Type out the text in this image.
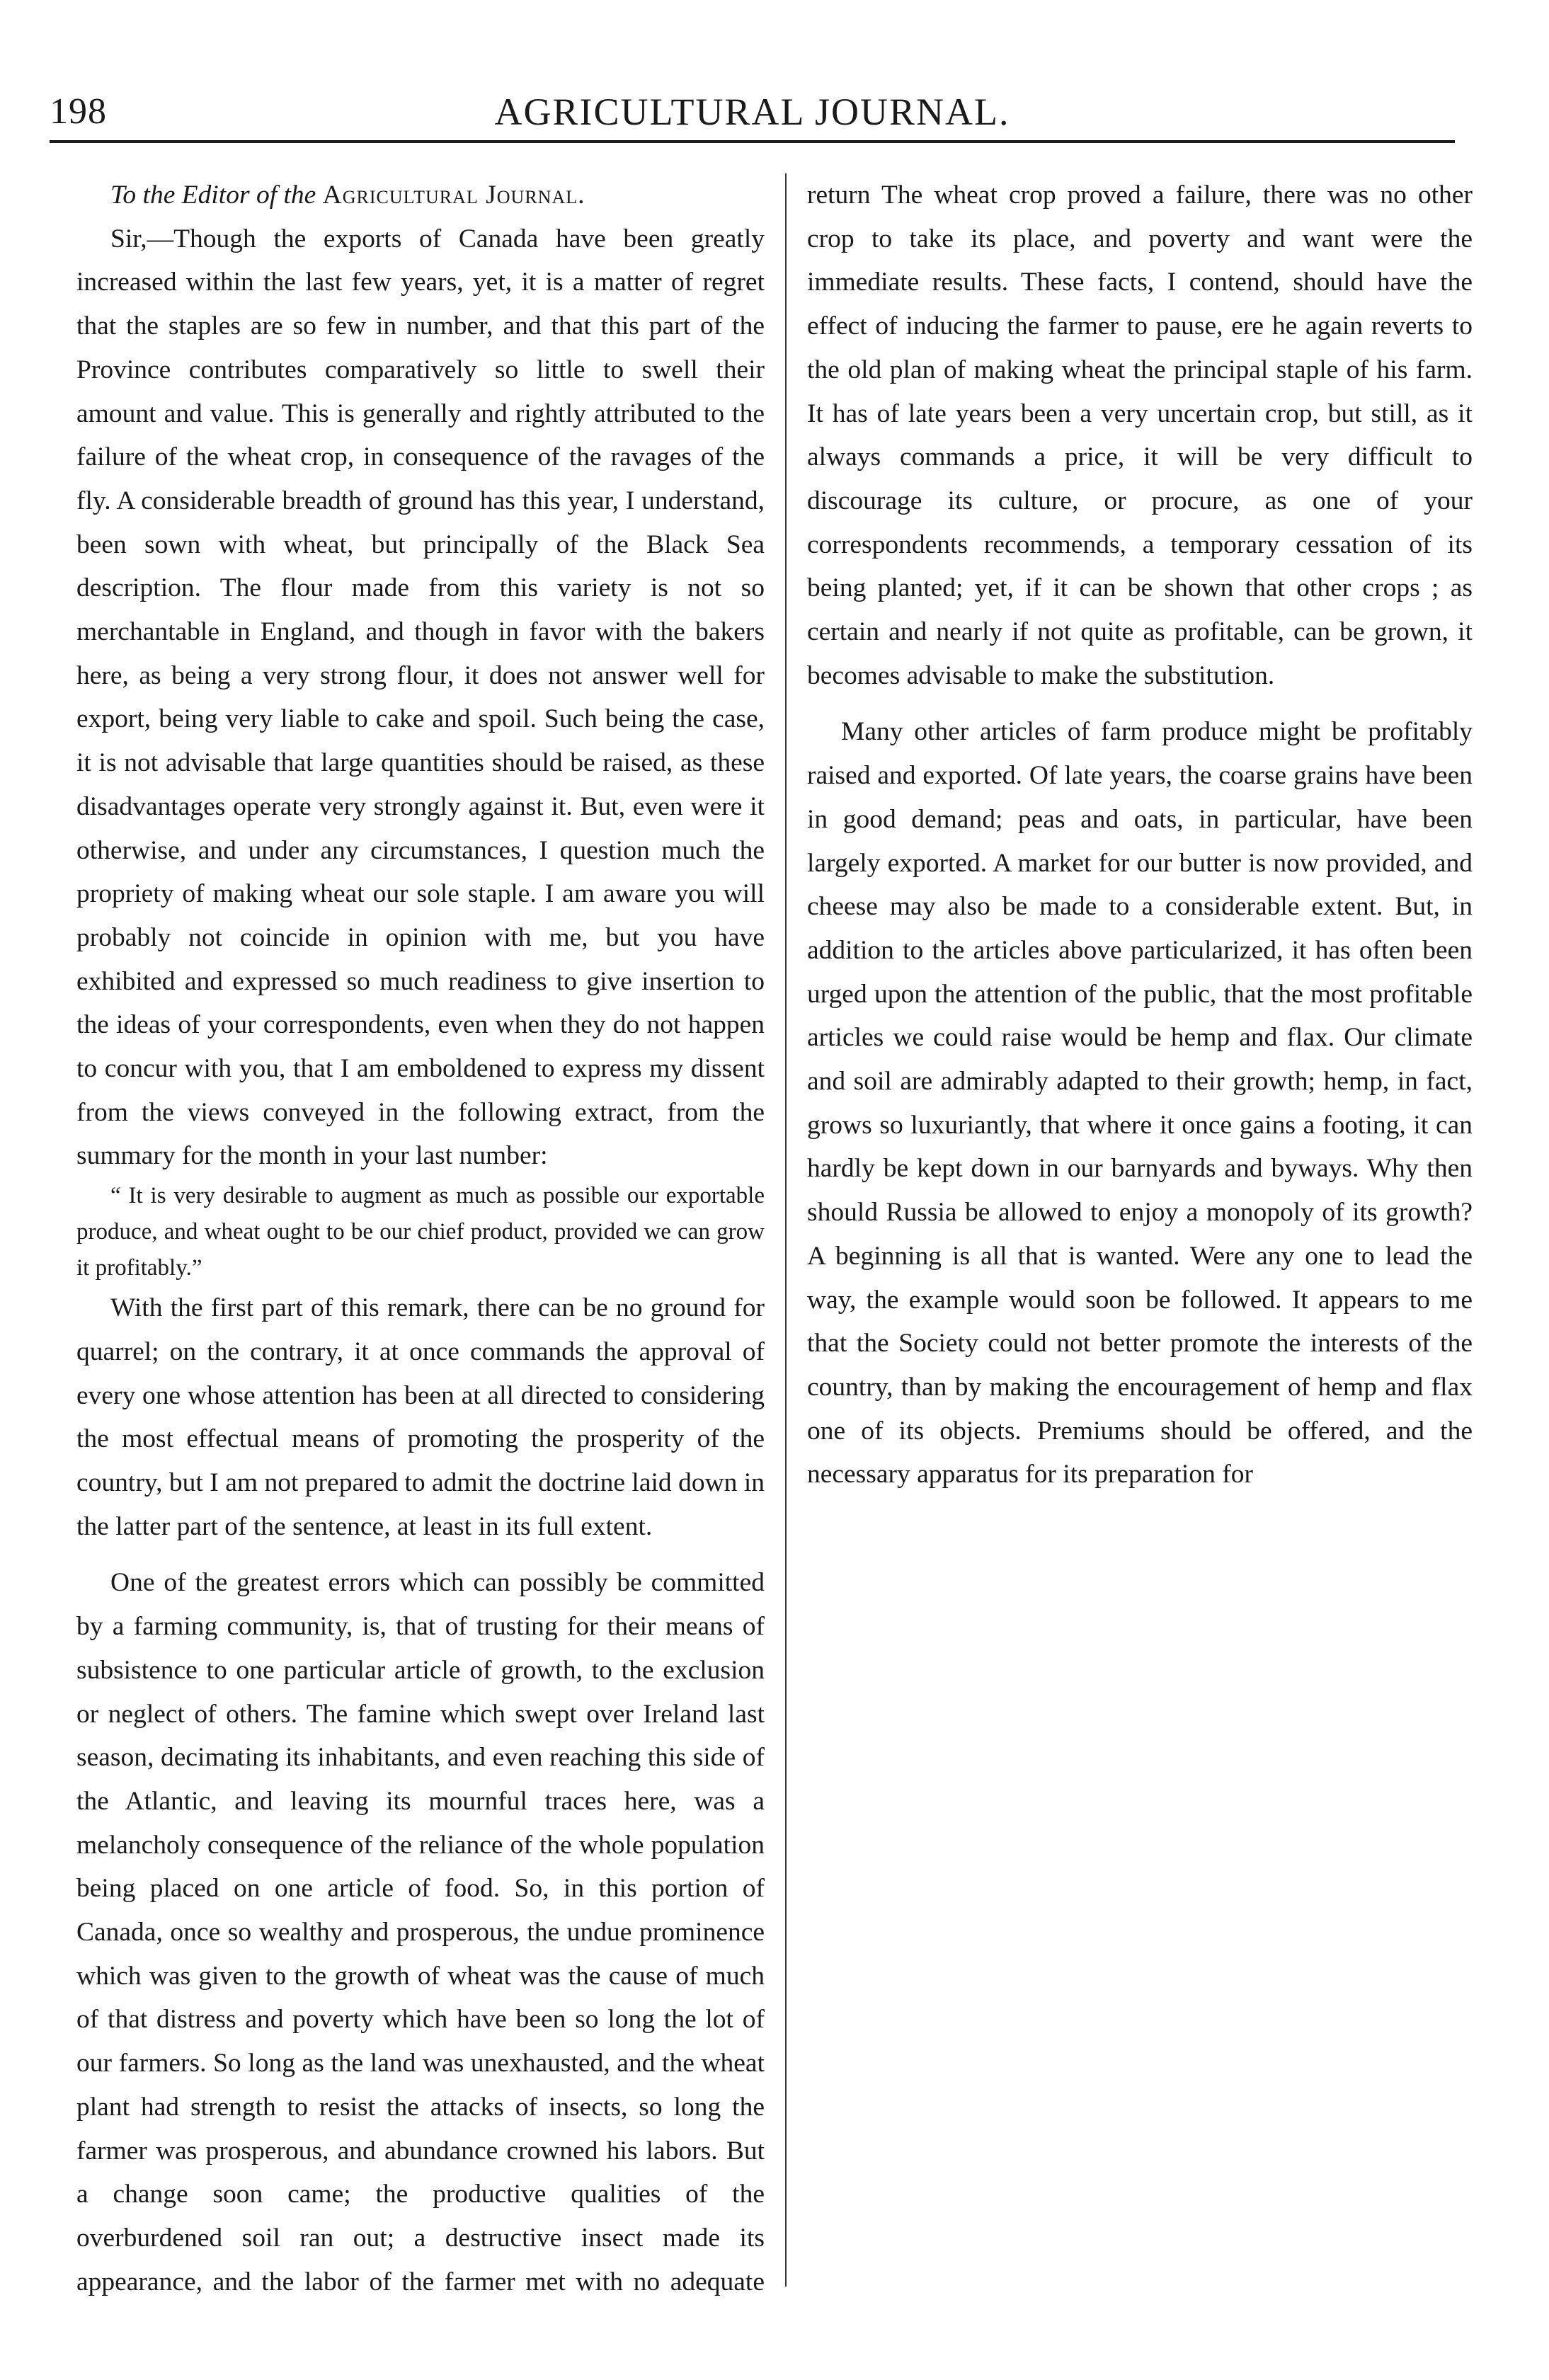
198	AGRICULTURAL JOURNAL.

To the Editor of the Agricultural Journal.

Sir,—Though the exports of Canada have been greatly increased within the last few years, yet, it is a matter of regret that the staples are so few in number, and that this part of the Province contributes comparatively so little to swell their amount and value. This is generally and rightly attributed to the failure of the wheat crop, in consequence of the ravages of the fly. A considerable breadth of ground has this year, I understand, been sown with wheat, but principally of the Black Sea description. The flour made from this variety is not so merchantable in England, and though in favor with the bakers here, as being a very strong flour, it does not answer well for export, being very liable to cake and spoil. Such being the case, it is not advisable that large quantities should be raised, as these disadvantages operate very strongly against it. But, even were it otherwise, and under any circumstances, I question much the propriety of making wheat our sole staple. I am aware you will probably not coincide in opinion with me, but you have exhibited and expressed so much readiness to give insertion to the ideas of your correspondents, even when they do not happen to concur with you, that I am emboldened to express my dissent from the views conveyed in the following extract, from the summary for the month in your last number:

“ It is very desirable to augment as much as possible our exportable produce, and wheat ought to be our chief product, provided we can grow it profitably.”

With the first part of this remark, there can be no ground for quarrel; on the contrary, it at once commands the approval of every one whose attention has been at all directed to considering the most effectual means of promoting the prosperity of the country, but I am not prepared to admit the doctrine laid down in the latter part of the sentence, at least in its full extent.

One of the greatest errors which can possibly be committed by a farming community, is, that of trusting for their means of subsistence to one particular article of growth, to the exclusion or neglect of others. The famine which swept over Ireland last season, decimating its inhabitants, and even reaching this side of the Atlantic, and leaving its mournful traces here, was a melancholy consequence of the reliance of the whole population being placed on one article of food. So, in this portion of Canada, once so wealthy and prosperous, the undue prominence which was given to the growth of wheat was the cause of much of that distress and poverty which have been so long the lot of our farmers. So long as the land was unexhausted, and the wheat plant had strength to resist the attacks of insects, so long the farmer was prosperous, and abundance crowned his labors. But a change soon came; the productive qualities of the overburdened soil ran out; a destructive insect made its appearance, and the labor of the farmer met with no adequate

return The wheat crop proved a failure, there was no other crop to take its place, and poverty and want were the immediate results. These facts, I contend, should have the effect of inducing the farmer to pause, ere he again reverts to the old plan of making wheat the principal staple of his farm. It has of late years been a very uncertain crop, but still, as it always commands a price, it will be very difficult to discourage its culture, or procure, as one of your correspondents recommends, a temporary cessation of its being planted; yet, if it can be shown that other crops ; as certain and nearly if not quite as profitable, can be grown, it becomes advisable to make the substitution.

Many other articles of farm produce might be profitably raised and exported. Of late years, the coarse grains have been in good demand; peas and oats, in particular, have been largely exported. A market for our butter is now provided, and cheese may also be made to a considerable extent. But, in addition to the articles above particularized, it has often been urged upon the attention of the public, that the most profitable articles we could raise would be hemp and flax. Our climate and soil are admirably adapted to their growth; hemp, in fact, grows so luxuriantly, that where it once gains a footing, it can hardly be kept down in our barnyards and byways. Why then should Russia be allowed to enjoy a monopoly of its growth? A beginning is all that is wanted. Were any one to lead the way, the example would soon be followed. It appears to me that the Society could not better promote the interests of the country, than by making the encouragement of hemp and flax one of its objects. Premiums should be offered, and the necessary apparatus for its preparation for
